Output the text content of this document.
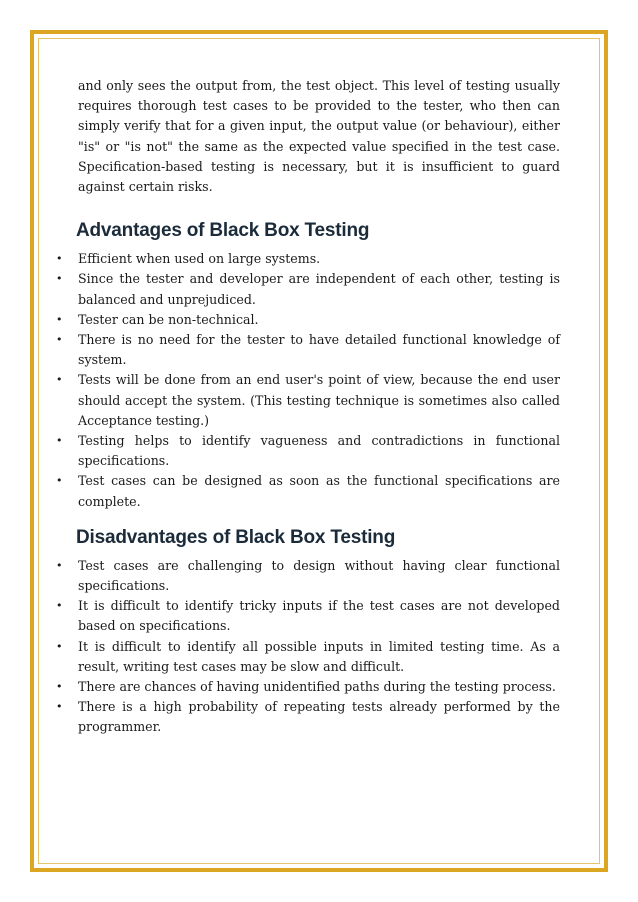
and only sees the output from, the test object. This level of testing usually requires thorough test cases to be provided to the tester, who then can simply verify that for a given input, the output value (or behaviour), either "is" or "is not" the same as the expected value specified in the test case. Specification-based testing is necessary, but it is insufficient to guard against certain risks.

Advantages of Black Box Testing
• Efficient when used on large systems.
• Since the tester and developer are independent of each other, testing is balanced and unprejudiced.
• Tester can be non-technical.
• There is no need for the tester to have detailed functional knowledge of system.
• Tests will be done from an end user's point of view, because the end user should accept the system. (This testing technique is sometimes also called Acceptance testing.)
• Testing helps to identify vagueness and contradictions in functional specifications.
• Test cases can be designed as soon as the functional specifications are complete.
Disadvantages of Black Box Testing
• Test cases are challenging to design without having clear functional specifications.
• It is difficult to identify tricky inputs if the test cases are not developed based on specifications.
• It is difficult to identify all possible inputs in limited testing time. As a result, writing test cases may be slow and difficult.
• There are chances of having unidentified paths during the testing process.
• There is a high probability of repeating tests already performed by the programmer.
